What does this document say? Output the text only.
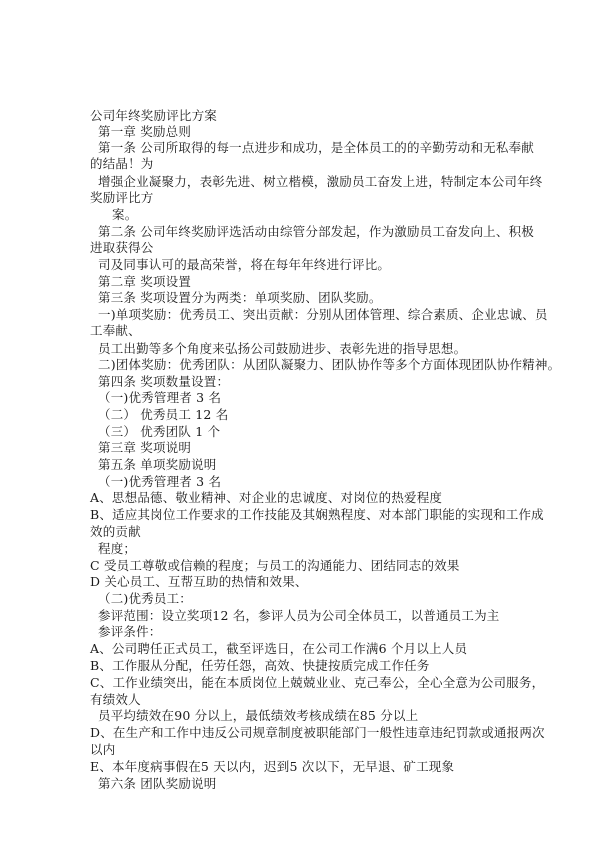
公司年终奖励评比方案
第一章 奖励总则
第一条 公司所取得的每一点进步和成功，是全体员工的的辛勤劳动和无私奉献
的结晶！为
增强企业凝聚力，表彰先进、树立楷模，激励员工奋发上进，特制定本公司年终
奖励评比方
案。
第二条 公司年终奖励评选活动由综管分部发起，作为激励员工奋发向上、积极
进取获得公
司及同事认可的最高荣誉，将在每年年终进行评比。
第二章 奖项设置
第三条 奖项设置分为两类：单项奖励、团队奖励。
一)单项奖励：优秀员工、突出贡献：分别从团体管理、综合素质、企业忠诚、员
工奉献、
员工出勤等多个角度来弘扬公司鼓励进步、表彰先进的指导思想。
二)团体奖励：优秀团队：从团队凝聚力、团队协作等多个方面体现团队协作精神。
第四条 奖项数量设置：
（一)优秀管理者 3 名
（二） 优秀员工 12 名
（三） 优秀团队 1 个
第三章 奖项说明
第五条 单项奖励说明
（一)优秀管理者 3 名
A、思想品德、敬业精神、对企业的忠诚度、对岗位的热爱程度
B、适应其岗位工作要求的工作技能及其娴熟程度、对本部门职能的实现和工作成
效的贡献
程度；
C 受员工尊敬或信赖的程度；与员工的沟通能力、团结同志的效果
D 关心员工、互帮互助的热情和效果、
（二)优秀员工：
参评范围：设立奖项12 名，参评人员为公司全体员工，以普通员工为主
参评条件：
A、公司聘任正式员工，截至评选日，在公司工作满6 个月以上人员
B、工作服从分配，任劳任怨，高效、快捷按质完成工作任务
C、工作业绩突出，能在本质岗位上兢兢业业、克己奉公，全心全意为公司服务，
有绩效人
员平均绩效在90 分以上，最低绩效考核成绩在85 分以上
D、在生产和工作中违反公司规章制度被职能部门一般性违章违纪罚款或通报两次
以内
E、本年度病事假在5 天以内，迟到5 次以下，无早退、矿工现象
第六条 团队奖励说明
